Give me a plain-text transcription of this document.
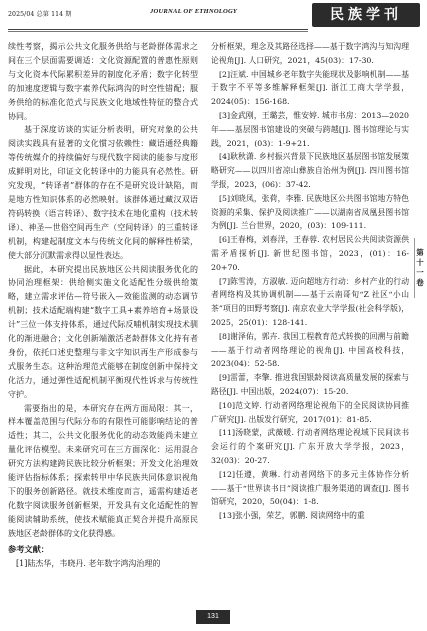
2025/04 总第 114 期	JOURNAL OF ETHNOLOGY	民族学刊

续性考察，揭示公共文化服务供给与老龄群体需求之间在三个层面需要调适：文化资源配置的普惠性原则与文化资本代际累积差异的制度化矛盾；数字化转型的加速度逻辑与数字素养代际鸿沟的时空性错配；服务供给的标准化范式与民族文化地域性特征的整合式协同。

基于深度访谈的实证分析表明，研究对象的公共阅读实践具有显著的文化惯习依赖性：藏语通经典籍等传统媒介的持续偏好与现代数字阅读的能参与度形成鲜明对比，印证文化转译中的力能具有必然性。研究发现，“转译者”群体的存在不是研究设计缺陷，而是地方性知识体系的必然映射。该群体通过藏汉双语符码转换（语言转译）、数字技术在地化重构（技术转译）、神圣—世俗空间再生产（空间转译）的三重转译机制，构建起制度文本与传统文化间的解释性桥梁，使大部分沉默需求得以显性表达。

据此，本研究提出民族地区公共阅读服务优化的协同治理框架：供给侧实施文化适配性分级供给策略，建立需求评估—符号嵌入—效能监测的动态调节机制；技术适配端构建“数字工具+素养培育+场景设计”三位一体支持体系，通过代际反哺机制实现技术驯化的渐进融合；文化创新端激活老龄群体文化持有者身份，依托口述史整理与非文字知识再生产形成参与式服务生态。这种治理范式能够在制度创新中保持文化活力，通过弹性适配机制平衡现代性诉求与传统性守护。

需要指出的是，本研究存在两方面局限：其一，样本覆盖范围与代际分布的有限性可能影响结论的普适性；其二，公共文化服务优化的动态效能尚未建立量化评估模型。未来研究可在三方面深化：运用混合研究方法构建跨民族比较分析框架；开发文化治理效能评估指标体系；探索转甲中华民族共同体意识视角下的服务创新路径。就技术维度而言，遥需构建适老化数字阅读服务创新框架，开发具有文化适配性的智能阅读辅助系统，使技术赋能真正契合并提升高原民族地区老龄群体的文化获得感。

参考文献：

[1]陆杰华，韦晓丹. 老年数字鸿沟治理的

分析框架，理念及其路径选择——基于数字鸿沟与知沟理论视角[J]. 人口研究，2021，45(03)：17-30.

[2]汪斌. 中国城乡老年数字失能现状及影响机制——基于数字不平等多维解释框架[J]. 浙江工商大学学报，2024(05)：156-168.

[3]金武刚，王璐芸，惟安婷. 城市书房：2013—2020年——基层图书馆建设的突破与跨越[J]. 图书馆理论与实践，2021，(03)：1-9+21.

[4]耿秋潇. 乡村振兴背景下民族地区基层图书馆发展策略研究——以四川省凉山彝族自治州为例[J]. 四川图书馆学报，2023，(06)：37-42.

[5]刘晓凤，张荷，李雅. 民族地区公共图书馆地方特色资源的采集、保护及阅读推广——以湖南省凤凰县图书馆为例[J]. 兰台世界，2020，(03)：109-111.

[6]王春梅，刘春洋，王春蓉. 农村居民公共阅读资源供需矛盾探析[J]. 新世纪图书馆，2023，(01)：16-20+70.

[7]陈雪涛，方淑敏. 迈向超地方行动：乡村产业的行动者网络构及其协调机制——基于云南哥旬“Z 社区“小山茶”项目的田野考察[J]. 南京农业大学学报(社会科学版)，2025，25(01)：128-141.

[8]谢泽佑，郭卉. 我国工程教育范式转换的回溯与前瞻——基于行动者网络理论的视角[J]. 中国高校科技，2023(04)：52-58.

[9]雷蕾，李擎. 推进我国银龄阅读高质量发展的探索与路径[J]. 中国出版，2024(07)：15-20.

[10]范文婷. 行动者网络理论视角下的全民阅读协同推广研究[J]. 出版发行研究，2017(01)：81-85.

[11]汤晓蒙，武薇暖. 行动者网络理论视域下民间读书会运行的个案研究[J]. 广东开放大学学报，2023，32(03)：20-27.

[12]任遵，黄琳. 行动者网络下的多元主体协作分析——基于“世界读书日”阅读推广服务渠道的调查[J]. 图书馆研究，2020，50(04)：1-8.

[13]张小强，荣艺，郭鹏. 阅读网络中的重

第十一卷
131
